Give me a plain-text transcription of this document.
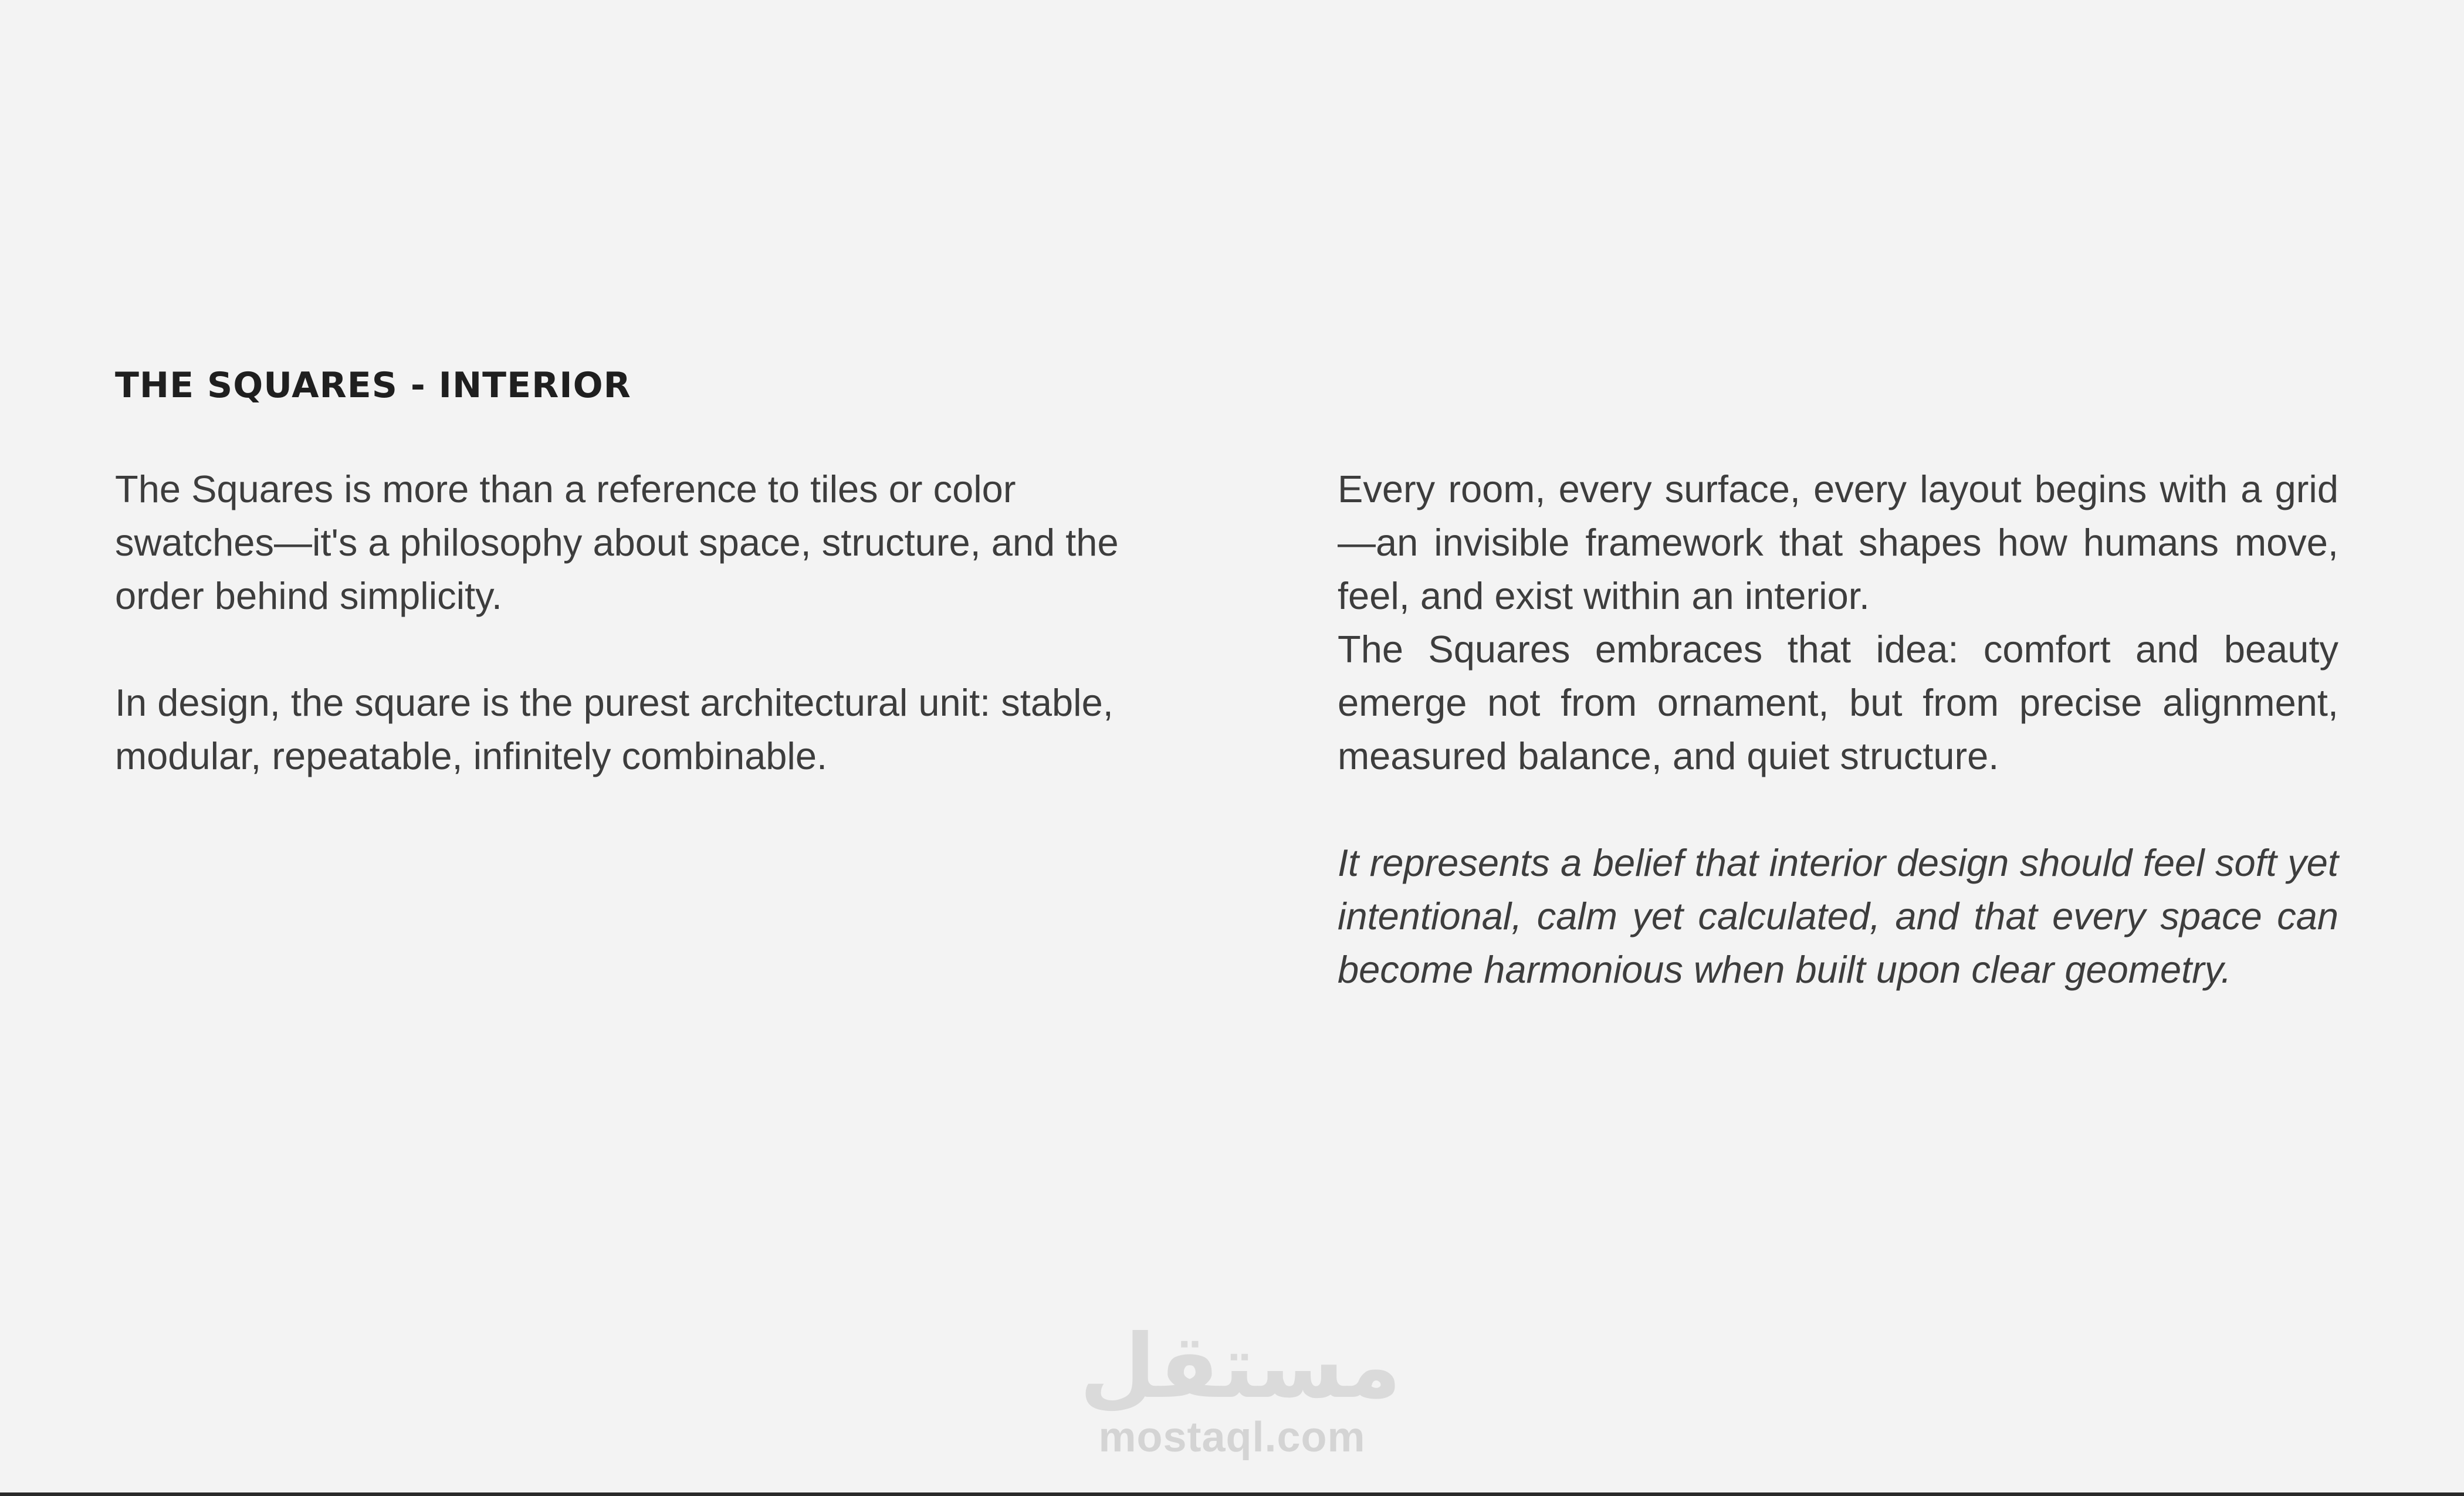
THE SQUARES - INTERIOR

The Squares is more than a reference to tiles or color swatches—it's a philosophy about space, structure, and the order behind simplicity.

In design, the square is the purest architectural unit: stable, modular, repeatable, infinitely combinable.

Every room, every surface, every layout begins with a grid—an invisible framework that shapes how humans move, feel, and exist within an interior.

The Squares embraces that idea: comfort and beauty emerge not from ornament, but from precise alignment, measured balance, and quiet structure.

It represents a belief that interior design should feel soft yet intentional, calm yet calculated, and that every space can become harmonious when built upon clear geometry.

مستقل
mostaql.com
